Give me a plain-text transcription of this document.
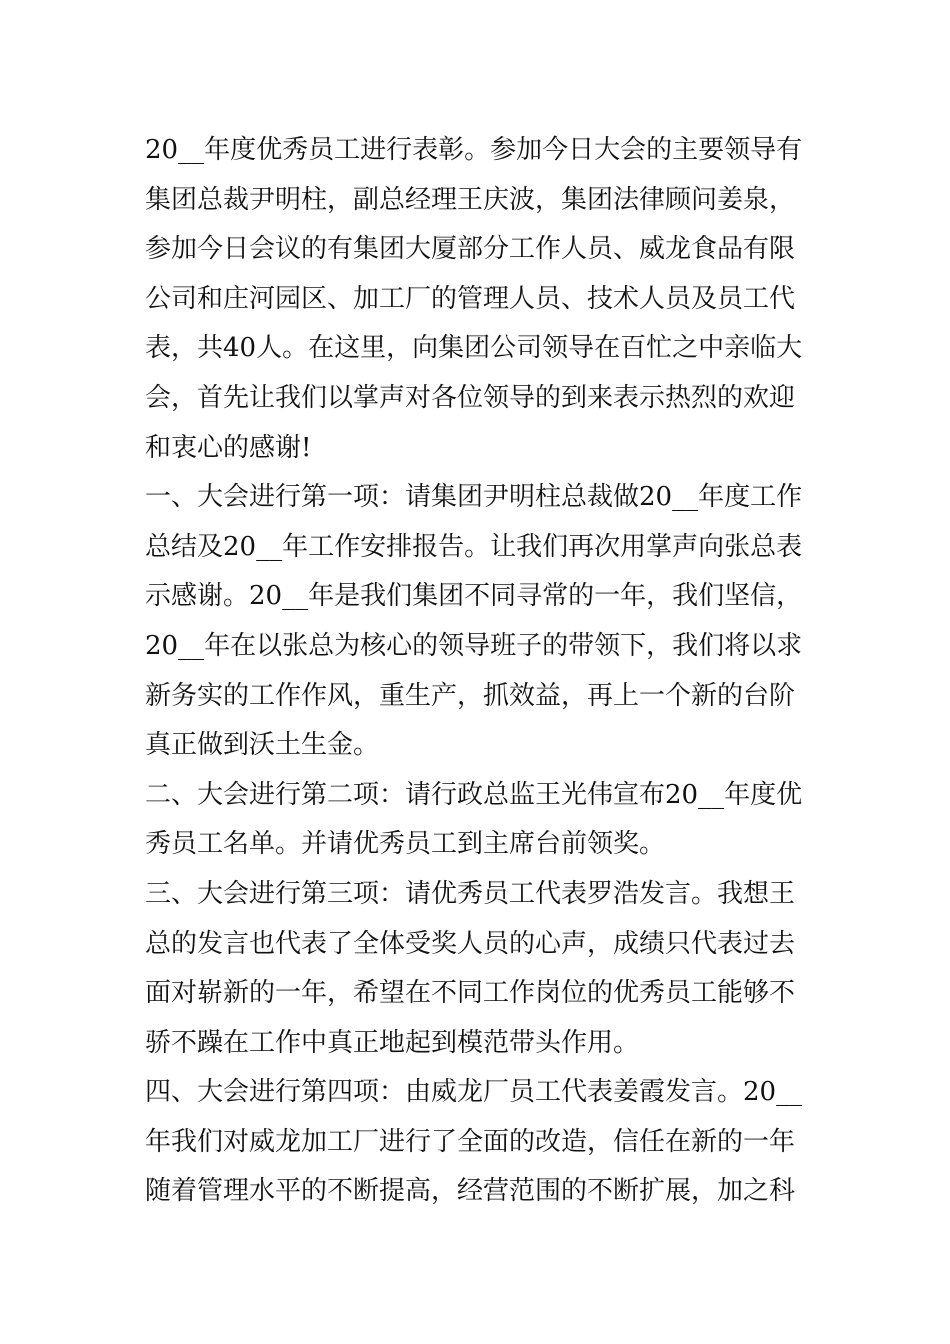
20__年度优秀员工进行表彰。参加今日大会的主要领导有
集团总裁尹明柱，副总经理王庆波，集团法律顾问姜泉，
参加今日会议的有集团大厦部分工作人员、威龙食品有限
公司和庄河园区、加工厂的管理人员、技术人员及员工代
表，共40人。在这里，向集团公司领导在百忙之中亲临大
会，首先让我们以掌声对各位领导的到来表示热烈的欢迎
和衷心的感谢!
一、大会进行第一项：请集团尹明柱总裁做20__年度工作
总结及20__年工作安排报告。让我们再次用掌声向张总表
示感谢。20__年是我们集团不同寻常的一年，我们坚信，
20__年在以张总为核心的领导班子的带领下，我们将以求
新务实的工作作风，重生产，抓效益，再上一个新的台阶
真正做到沃土生金。
二、大会进行第二项：请行政总监王光伟宣布20__年度优
秀员工名单。并请优秀员工到主席台前领奖。
三、大会进行第三项：请优秀员工代表罗浩发言。我想王
总的发言也代表了全体受奖人员的心声，成绩只代表过去
面对崭新的一年，希望在不同工作岗位的优秀员工能够不
骄不躁在工作中真正地起到模范带头作用。
四、大会进行第四项：由威龙厂员工代表姜霞发言。20__
年我们对威龙加工厂进行了全面的改造，信任在新的一年
随着管理水平的不断提高，经营范围的不断扩展，加之科
